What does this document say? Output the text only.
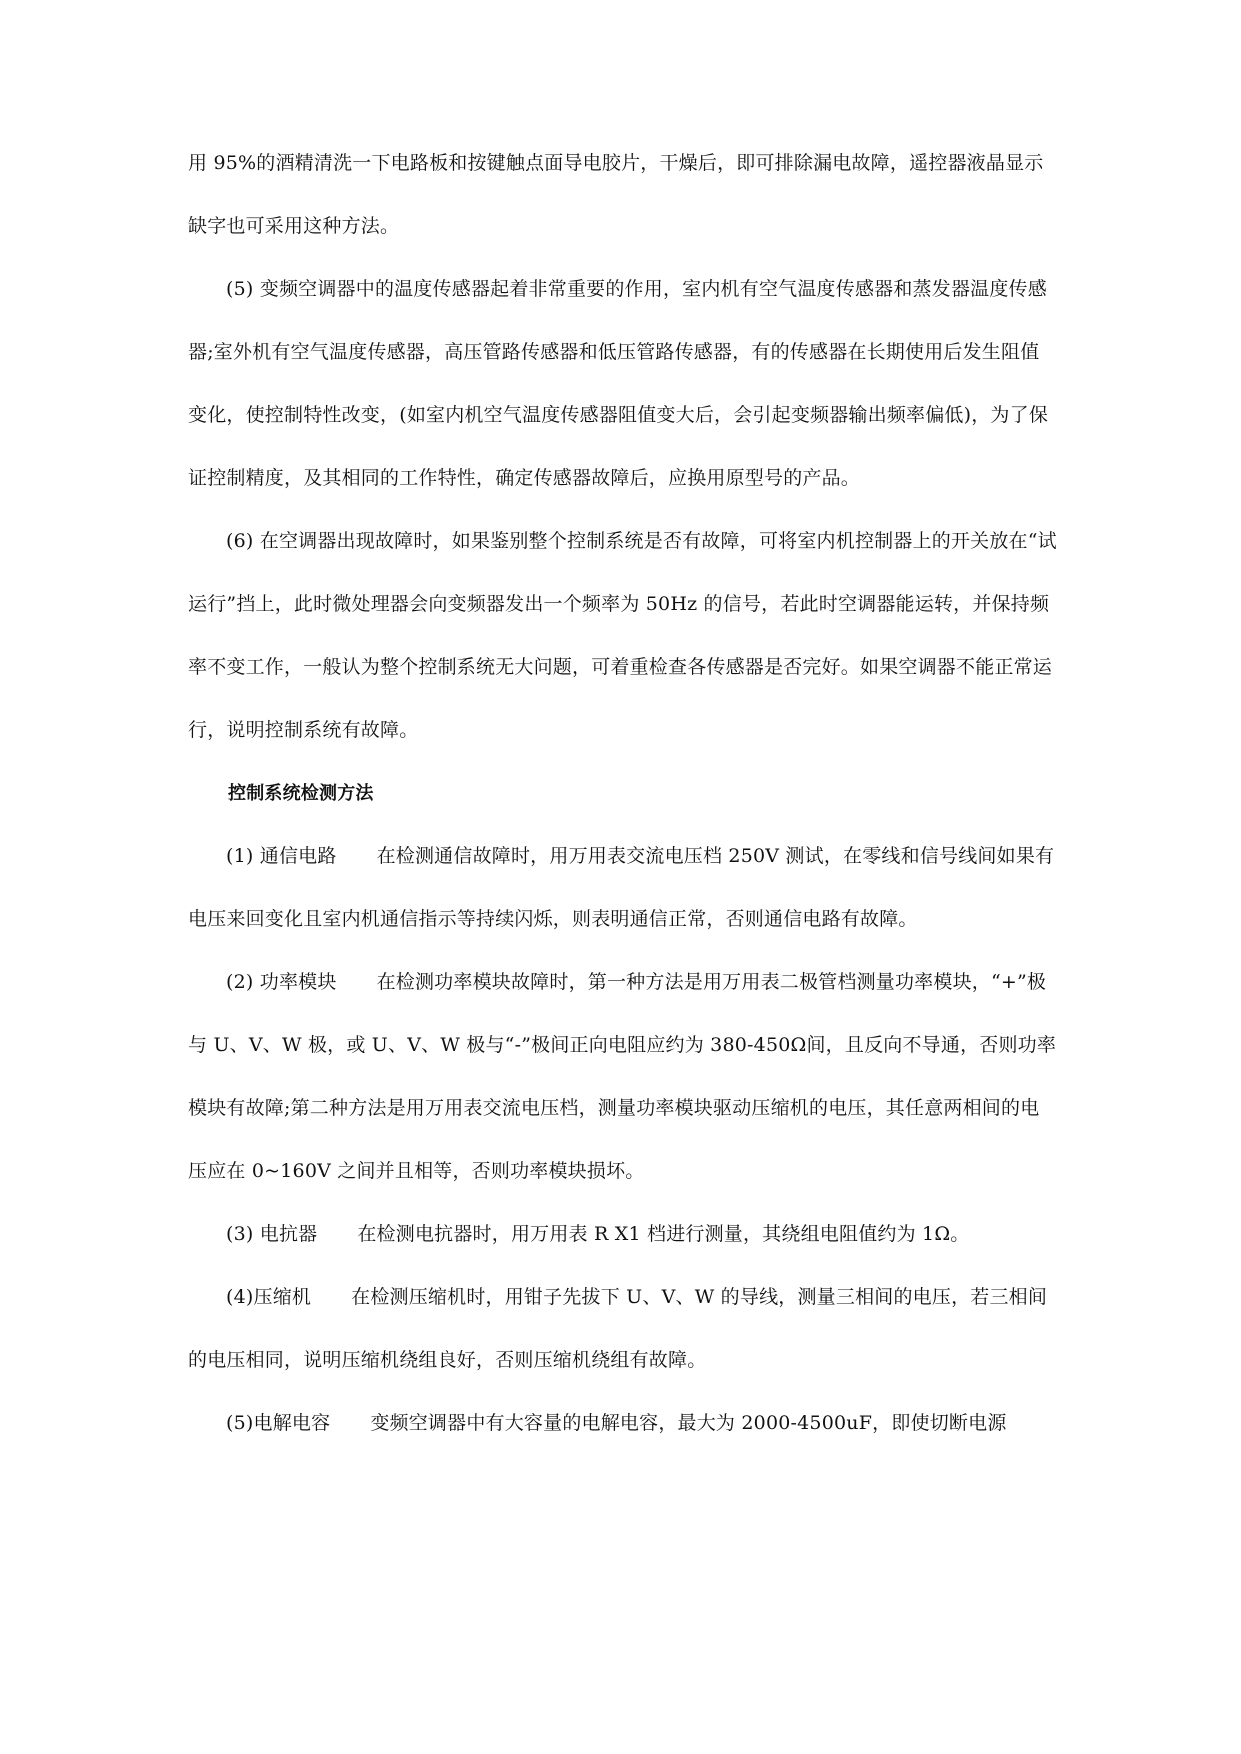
用 95%的酒精清洗一下电路板和按键触点面导电胶片，干燥后，即可排除漏电故障，遥控器液晶显示缺字也可采用这种方法。

(5) 变频空调器中的温度传感器起着非常重要的作用，室内机有空气温度传感器和蒸发器温度传感器;室外机有空气温度传感器，高压管路传感器和低压管路传感器，有的传感器在长期使用后发生阻值变化，使控制特性改变，(如室内机空气温度传感器阻值变大后，会引起变频器输出频率偏低)，为了保证控制精度，及其相同的工作特性，确定传感器故障后，应换用原型号的产品。

(6) 在空调器出现故障时，如果鉴别整个控制系统是否有故障，可将室内机控制器上的开关放在“试运行”挡上，此时微处理器会向变频器发出一个频率为 50Hz 的信号，若此时空调器能运转，并保持频率不变工作，一般认为整个控制系统无大问题，可着重检查各传感器是否完好。如果空调器不能正常运行，说明控制系统有故障。

控制系统检测方法

(1) 通信电路 在检测通信故障时，用万用表交流电压档 250V 测试，在零线和信号线间如果有电压来回变化且室内机通信指示等持续闪烁，则表明通信正常，否则通信电路有故障。

(2) 功率模块 在检测功率模块故障时，第一种方法是用万用表二极管档测量功率模块，“+”极与 U、V、W 极，或 U、V、W 极与“-”极间正向电阻应约为 380-450Ω间，且反向不导通，否则功率模块有故障;第二种方法是用万用表交流电压档，测量功率模块驱动压缩机的电压，其任意两相间的电压应在 0~160V 之间并且相等，否则功率模块损坏。

(3) 电抗器 在检测电抗器时，用万用表 R X1 档进行测量，其绕组电阻值约为 1Ω。

(4)压缩机 在检测压缩机时，用钳子先拔下 U、V、W 的导线，测量三相间的电压，若三相间的电压相同，说明压缩机绕组良好，否则压缩机绕组有故障。

(5)电解电容 变频空调器中有大容量的电解电容，最大为 2000-4500uF，即使切断电源
